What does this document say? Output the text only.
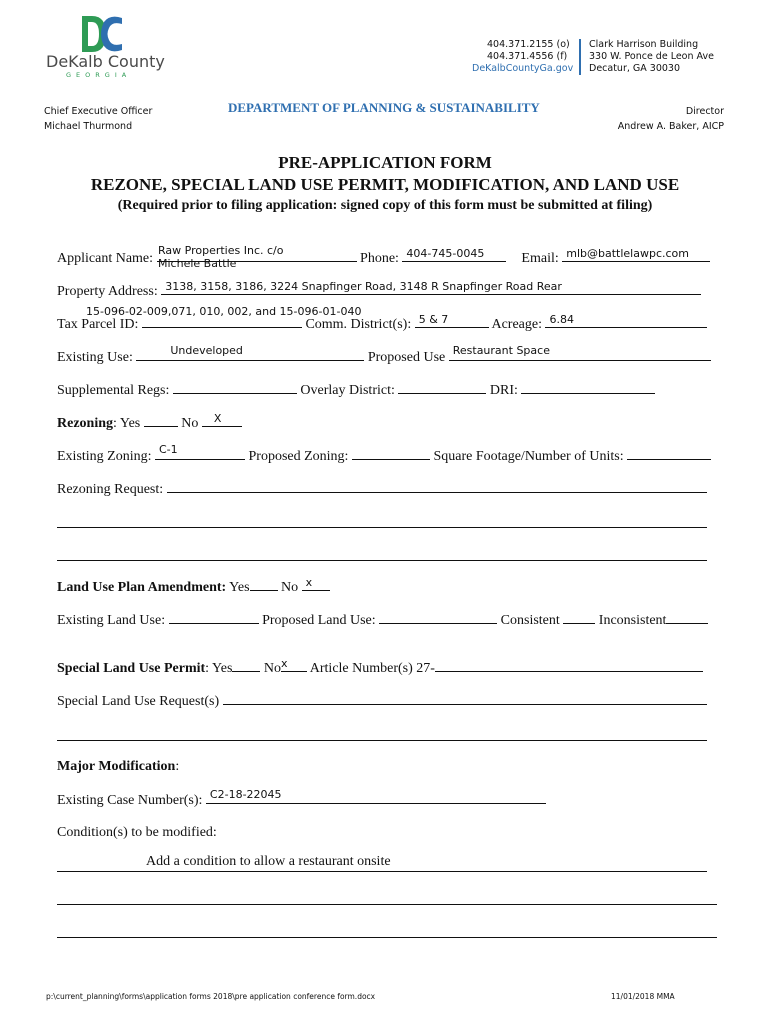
DeKalb County
GEORGIA
404.371.2155 (o)
404.371.4556 (f)
DeKalbCountyGa.gov
Clark Harrison Building
330 W. Ponce de Leon Ave
Decatur, GA 30030
Chief Executive Officer
Michael Thurmond
DEPARTMENT OF PLANNING & SUSTAINABILITY	Director
Andrew A. Baker, AICP
PRE-APPLICATION FORM
REZONE, SPECIAL LAND USE PERMIT, MODIFICATION, AND LAND USE
(Required prior to filing application: signed copy of this form must be submitted at filing)
Applicant Name:	Phone: 404-745-0045	Email: mlb@battlelawpc.com
Raw Properties Inc. c/o Michele Battle
Property Address: 3138, 3158, 3186, 3224 Snapfinger Road, 3148 R Snapfinger Road Rear
15-096-02-009,071, 010, 002, and 15-096-01-040
Tax Parcel ID:	Comm. District(s): 5 & 7	Acreage: 6.84
Existing Use:	Undeveloped	Proposed Use Restaurant Space
Supplemental Regs:	Overlay District:	DRI:
Rezoning: Yes	No X
Existing Zoning: C-1	Proposed Zoning:	Square Footage/Number of Units:
Rezoning Request:
Land Use Plan Amendment: Yes No x
Existing Land Use:	Proposed Land Use:	Consistent	Inconsistent
Special Land Use Permit: Yes No x Article Number(s) 27-
Special Land Use Request(s)
Major Modification:
Existing Case Number(s): C2-18-22045
Condition(s) to be modified:
Add a condition to allow a restaurant onsite
p:\current_planning\forms\application forms 2018\pre application conference form.docx	11/01/2018 MMA
